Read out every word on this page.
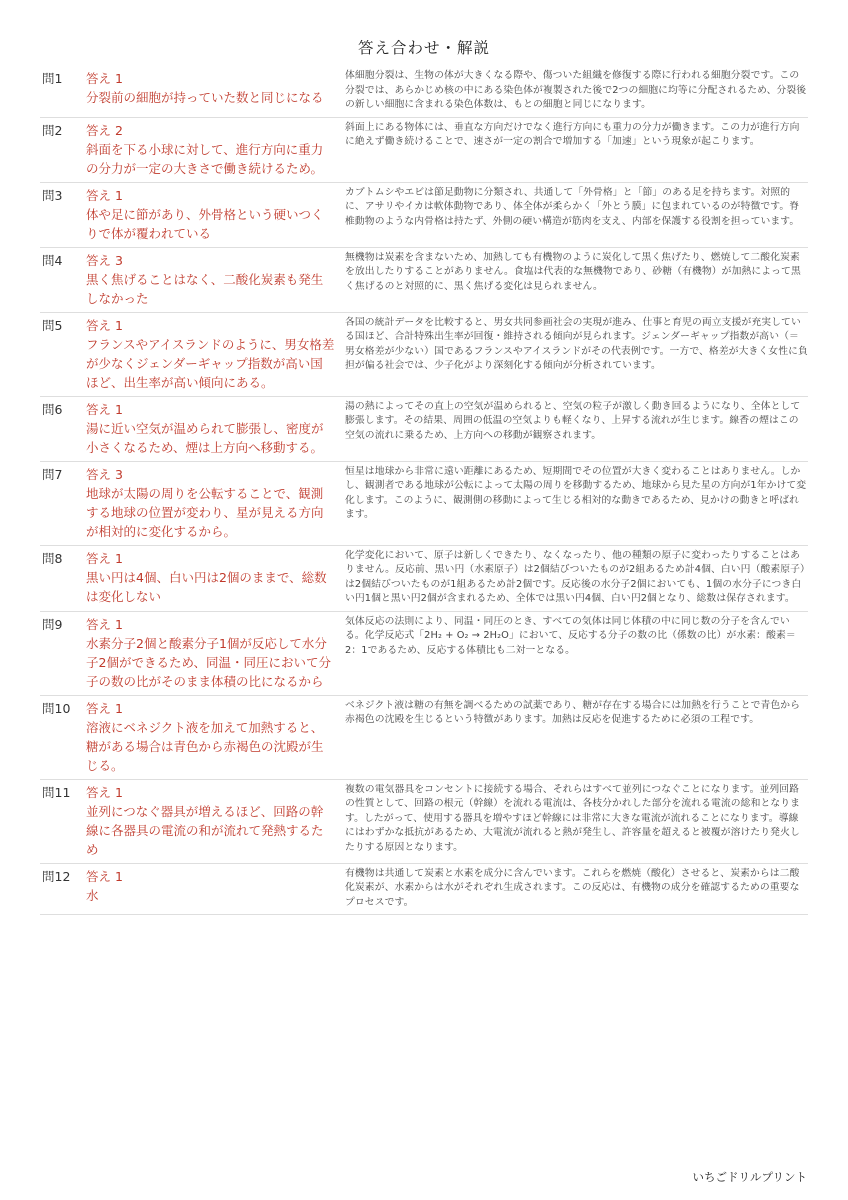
答え合わせ・解説
問1	答え 1
分裂前の細胞が持っていた数と同じになる
体細胞分裂は、生物の体が大きくなる際や、傷ついた組織を修復する際に行われる細胞分裂です。この分裂では、あらかじめ核の中にある染色体が複製された後で2つの細胞に均等に分配されるため、分裂後の新しい細胞に含まれる染色体数は、もとの細胞と同じになります。
問2	答え 2
斜面を下る小球に対して、進行方向に重力の分力が一定の大きさで働き続けるため。
斜面上にある物体には、垂直な方向だけでなく進行方向にも重力の分力が働きます。この力が進行方向に絶えず働き続けることで、速さが一定の割合で増加する「加速」という現象が起こります。
問3	答え 1
体や足に節があり、外骨格という硬いつくりで体が覆われている
カブトムシやエビは節足動物に分類され、共通して「外骨格」と「節」のある足を持ちます。対照的に、アサリやイカは軟体動物であり、体全体が柔らかく「外とう膜」に包まれているのが特徴です。脊椎動物のような内骨格は持たず、外側の硬い構造が筋肉を支え、内部を保護する役割を担っています。
問4	答え 3
黒く焦げることはなく、二酸化炭素も発生しなかった
無機物は炭素を含まないため、加熱しても有機物のように炭化して黒く焦げたり、燃焼して二酸化炭素を放出したりすることがありません。食塩は代表的な無機物であり、砂糖（有機物）が加熱によって黒く焦げるのと対照的に、黒く焦げる変化は見られません。
問5	答え 1
フランスやアイスランドのように、男女格差が少なくジェンダーギャップ指数が高い国ほど、出生率が高い傾向にある。
各国の統計データを比較すると、男女共同参画社会の実現が進み、仕事と育児の両立支援が充実している国ほど、合計特殊出生率が回復・維持される傾向が見られます。ジェンダーギャップ指数が高い（＝男女格差が少ない）国であるフランスやアイスランドがその代表例です。一方で、格差が大きく女性に負担が偏る社会では、少子化がより深刻化する傾向が分析されています。
問6	答え 1
湯に近い空気が温められて膨張し、密度が小さくなるため、煙は上方向へ移動する。
湯の熱によってその直上の空気が温められると、空気の粒子が激しく動き回るようになり、全体として膨張します。その結果、周囲の低温の空気よりも軽くなり、上昇する流れが生じます。線香の煙はこの空気の流れに乗るため、上方向への移動が観察されます。
問7	答え 3
地球が太陽の周りを公転することで、観測する地球の位置が変わり、星が見える方向が相対的に変化するから。
恒星は地球から非常に遠い距離にあるため、短期間でその位置が大きく変わることはありません。しかし、観測者である地球が公転によって太陽の周りを移動するため、地球から見た星の方向が1年かけて変化します。このように、観測側の移動によって生じる相対的な動きであるため、見かけの動きと呼ばれます。
問8	答え 1
黒い円は4個、白い円は2個のままで、総数は変化しない
化学変化において、原子は新しくできたり、なくなったり、他の種類の原子に変わったりすることはありません。反応前、黒い円（水素原子）は2個結びついたものが2組あるため計4個、白い円（酸素原子）は2個結びついたものが1組あるため計2個です。反応後の水分子2個においても、1個の水分子につき白い円1個と黒い円2個が含まれるため、全体では黒い円4個、白い円2個となり、総数は保存されます。
問9	答え 1
水素分子2個と酸素分子1個が反応して水分子2個ができるため、同温・同圧において分子の数の比がそのまま体積の比になるから
気体反応の法則により、同温・同圧のとき、すべての気体は同じ体積の中に同じ数の分子を含んでいる。化学反応式「2H₂ + O₂ → 2H₂O」において、反応する分子の数の比（係数の比）が水素：酸素＝2：1であるため、反応する体積比も二対一となる。
問10	答え 1
溶液にベネジクト液を加えて加熱すると、糖がある場合は青色から赤褐色の沈殿が生じる。
ベネジクト液は糖の有無を調べるための試薬であり、糖が存在する場合には加熱を行うことで青色から赤褐色の沈殿を生じるという特徴があります。加熱は反応を促進するために必須の工程です。
問11	答え 1
並列につなぐ器具が増えるほど、回路の幹線に各器具の電流の和が流れて発熱するため
複数の電気器具をコンセントに接続する場合、それらはすべて並列につなぐことになります。並列回路の性質として、回路の根元（幹線）を流れる電流は、各枝分かれした部分を流れる電流の総和となります。したがって、使用する器具を増やすほど幹線には非常に大きな電流が流れることになります。導線にはわずかな抵抗があるため、大電流が流れると熱が発生し、許容量を超えると被覆が溶けたり発火したりする原因となります。
問12	答え 1
水
有機物は共通して炭素と水素を成分に含んでいます。これらを燃焼（酸化）させると、炭素からは二酸化炭素が、水素からは水がそれぞれ生成されます。この反応は、有機物の成分を確認するための重要なプロセスです。
いちごドリルプリント
